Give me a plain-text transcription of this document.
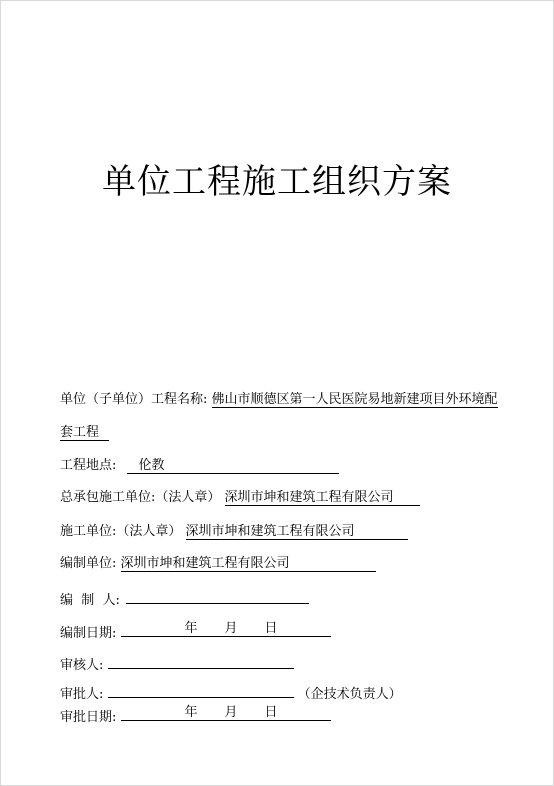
单位工程施工组织方案
单位（子单位）工程名称: 佛山市顺德区第一人民医院易地新建项目外环境配
套工程
工程地点: 伦教
总承包施工单位:（法人章） 深圳市坤和建筑工程有限公司
施工单位:（法人章） 深圳市坤和建筑工程有限公司
编制单位: 深圳市坤和建筑工程有限公司
编  制  人:
编制日期:	年 月 日
审核人:
审批人:	（企技术负责人）
审批日期:	年 月 日
